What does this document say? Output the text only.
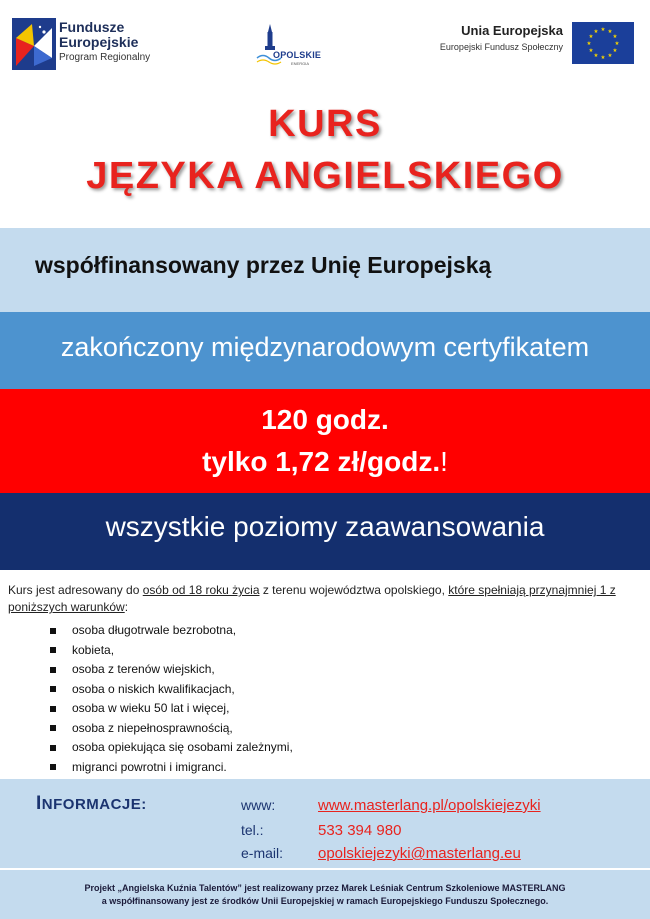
Fundusze
Europejskie
Program Regionalny	OPOLSKIE
ENERGIA
Unia Europejska
Europejski Fundusz Społeczny
★ ★
★
★
★
★
★
★
★
★
★
★
KURS
JĘZYKA ANGIELSKIEGO
współfinansowany przez Unię Europejską
zakończony międzynarodowym certyfikatem
120 godz.
tylko 1,72 zł/godz.!
wszystkie poziomy zaawansowania

Kurs jest adresowany do osób od 18 roku życia z terenu województwa opolskiego, które spełniają przynajmniej 1 z poniższych warunków:

osoba długotrwale bezrobotna,
kobieta,
osoba z terenów wiejskich,
osoba o niskich kwalifikacjach,
osoba w wieku 50 lat i więcej,
osoba z niepełnosprawnością,
osoba opiekująca się osobami zależnymi,
migranci powrotni i imigranci.
INFORMACJE:	www:	www.masterlang.pl/opolskiejezyki
tel.:	533 394 980
e-mail: opolskiejezyki@masterlang.eu
Projekt „Angielska Kuźnia Talentów” jest realizowany przez Marek Leśniak Centrum Szkoleniowe MASTERLANG
a współfinansowany jest ze środków Unii Europejskiej w ramach Europejskiego Funduszu Społecznego.
